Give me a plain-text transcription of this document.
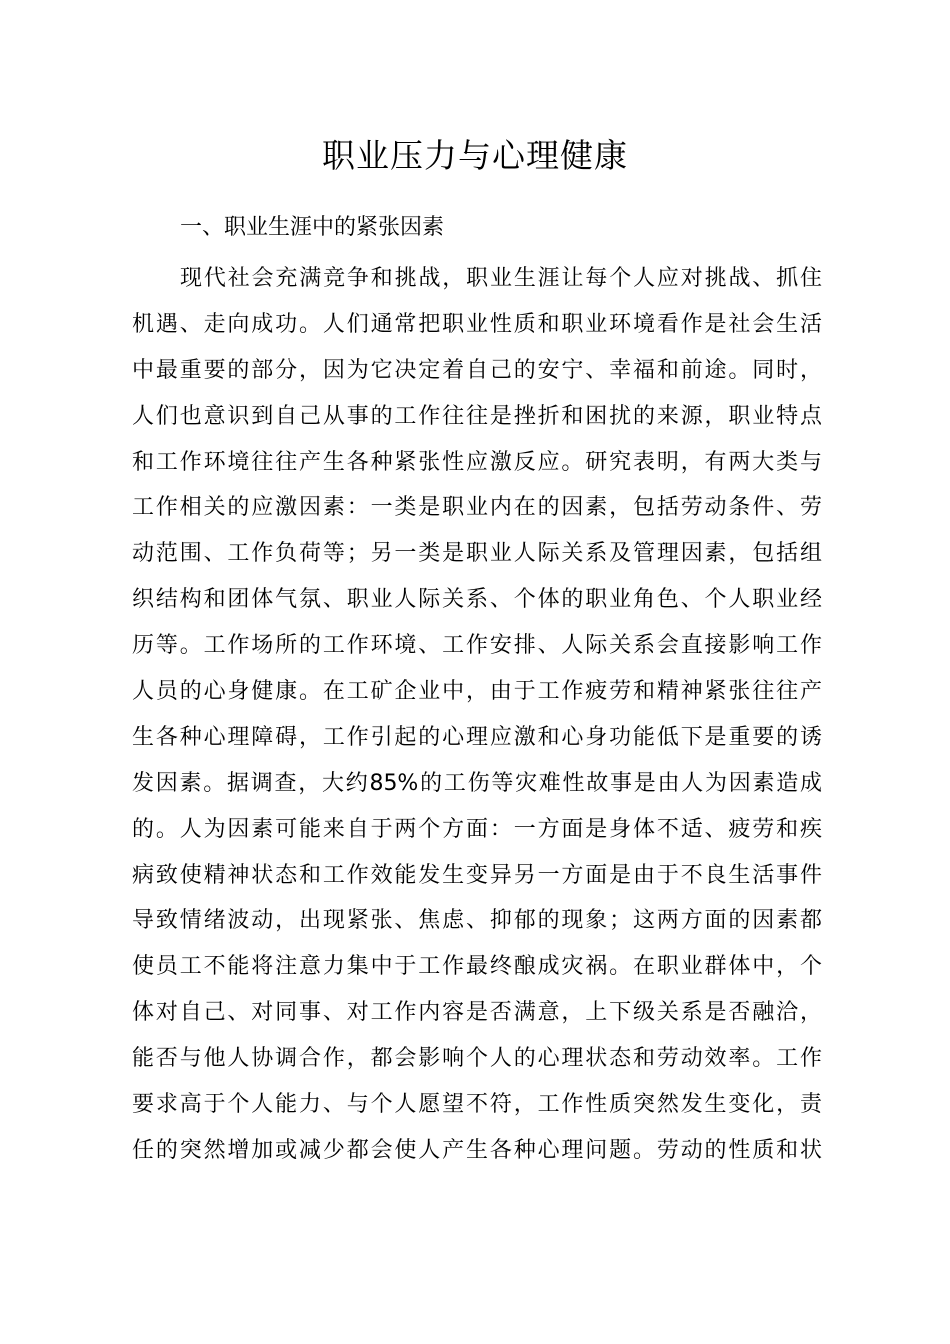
职业压力与心理健康
一、职业生涯中的紧张因素
现代社会充满竞争和挑战，职业生涯让每个人应对挑战、抓住
机遇、走向成功。人们通常把职业性质和职业环境看作是社会生活
中最重要的部分，因为它决定着自己的安宁、幸福和前途。同时，
人们也意识到自己从事的工作往往是挫折和困扰的来源，职业特点
和工作环境往往产生各种紧张性应激反应。研究表明，有两大类与
工作相关的应激因素：一类是职业内在的因素，包括劳动条件、劳
动范围、工作负荷等；另一类是职业人际关系及管理因素，包括组
织结构和团体气氛、职业人际关系、个体的职业角色、个人职业经
历等。工作场所的工作环境、工作安排、人际关系会直接影响工作
人员的心身健康。在工矿企业中，由于工作疲劳和精神紧张往往产
生各种心理障碍，工作引起的心理应激和心身功能低下是重要的诱
发因素。据调查，大约85%的工伤等灾难性故事是由人为因素造成
的。人为因素可能来自于两个方面：一方面是身体不适、疲劳和疾
病致使精神状态和工作效能发生变异另一方面是由于不良生活事件
导致情绪波动，出现紧张、焦虑、抑郁的现象；这两方面的因素都
使员工不能将注意力集中于工作最终酿成灾祸。在职业群体中，个
体对自己、对同事、对工作内容是否满意，上下级关系是否融洽，
能否与他人协调合作，都会影响个人的心理状态和劳动效率。工作
要求高于个人能力、与个人愿望不符，工作性质突然发生变化，责
任的突然增加或减少都会使人产生各种心理问题。劳动的性质和状
